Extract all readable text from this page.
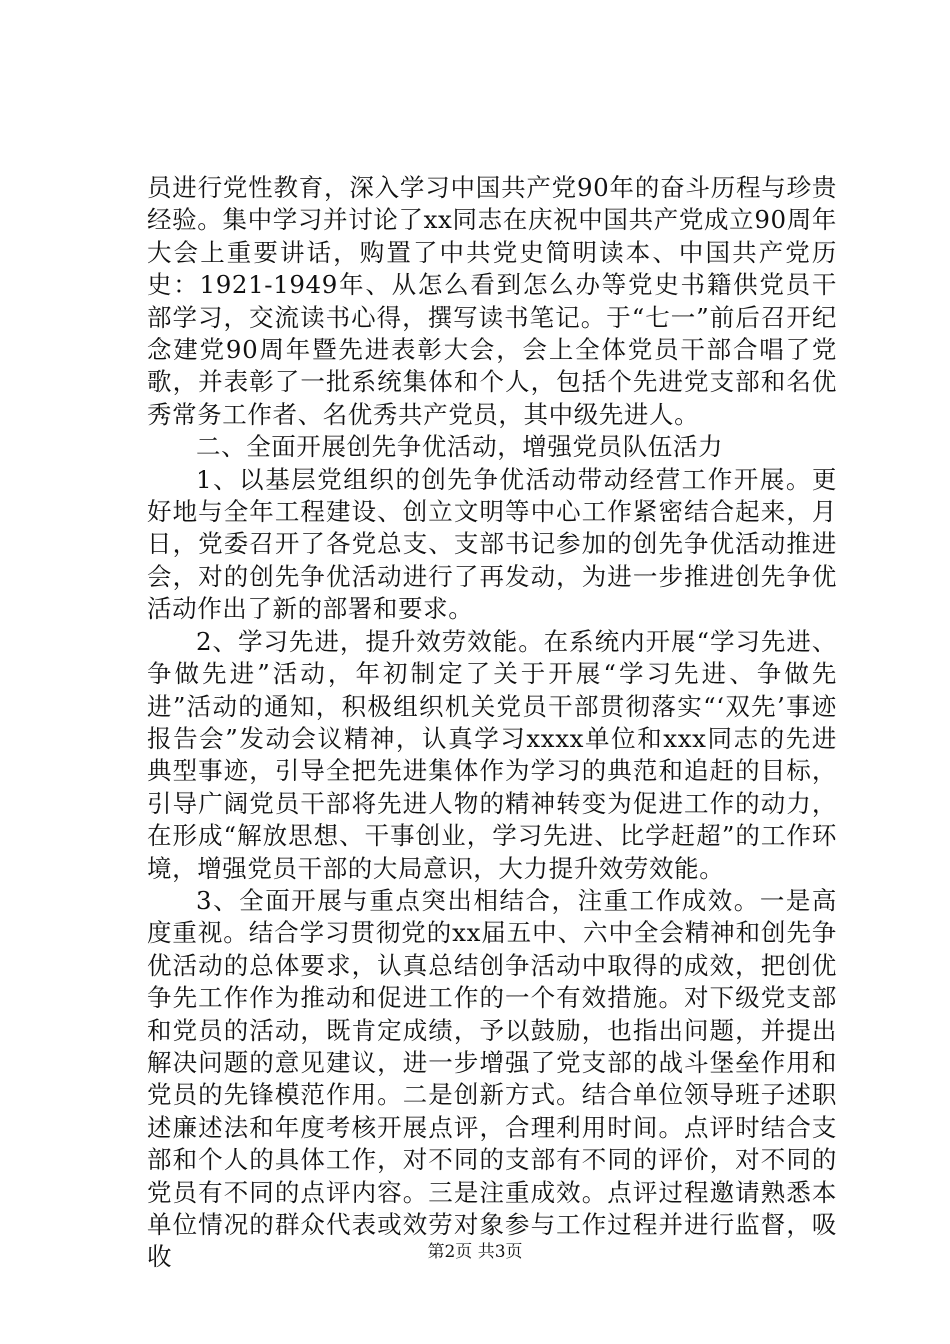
员进行党性教育，深入学习中国共产党90年的奋斗历程与珍贵经验。集中学习并讨论了xx同志在庆祝中国共产党成立90周年大会上重要讲话，购置了中共党史简明读本、中国共产党历史：1921-1949年、从怎么看到怎么办等党史书籍供党员干部学习，交流读书心得，撰写读书笔记。于“七一”前后召开纪念建党90周年暨先进表彰大会，会上全体党员干部合唱了党歌，并表彰了一批系统集体和个人，包括个先进党支部和名优秀常务工作者、名优秀共产党员，其中级先进人。

二、全面开展创先争优活动，增强党员队伍活力

1、以基层党组织的创先争优活动带动经营工作开展。更好地与全年工程建设、创立文明等中心工作紧密结合起来，月日，党委召开了各党总支、支部书记参加的创先争优活动推进会，对的创先争优活动进行了再发动，为进一步推进创先争优活动作出了新的部署和要求。

2、学习先进，提升效劳效能。在系统内开展“学习先进、争做先进”活动，年初制定了关于开展“学习先进、争做先进”活动的通知，积极组织机关党员干部贯彻落实“‘双先’事迹报告会”发动会议精神，认真学习xxxx单位和xxx同志的先进典型事迹，引导全把先进集体作为学习的典范和追赶的目标，引导广阔党员干部将先进人物的精神转变为促进工作的动力，在形成“解放思想、干事创业，学习先进、比学赶超”的工作环境，增强党员干部的大局意识，大力提升效劳效能。

3、全面开展与重点突出相结合，注重工作成效。一是高度重视。结合学习贯彻党的xx届五中、六中全会精神和创先争优活动的总体要求，认真总结创争活动中取得的成效，把创优争先工作作为推动和促进工作的一个有效措施。对下级党支部和党员的活动，既肯定成绩，予以鼓励，也指出问题，并提出解决问题的意见建议，进一步增强了党支部的战斗堡垒作用和党员的先锋模范作用。二是创新方式。结合单位领导班子述职述廉述法和年度考核开展点评，合理利用时间。点评时结合支部和个人的具体工作，对不同的支部有不同的评价，对不同的党员有不同的点评内容。三是注重成效。点评过程邀请熟悉本单位情况的群众代表或效劳对象参与工作过程并进行监督，吸收	第2页 共3页
